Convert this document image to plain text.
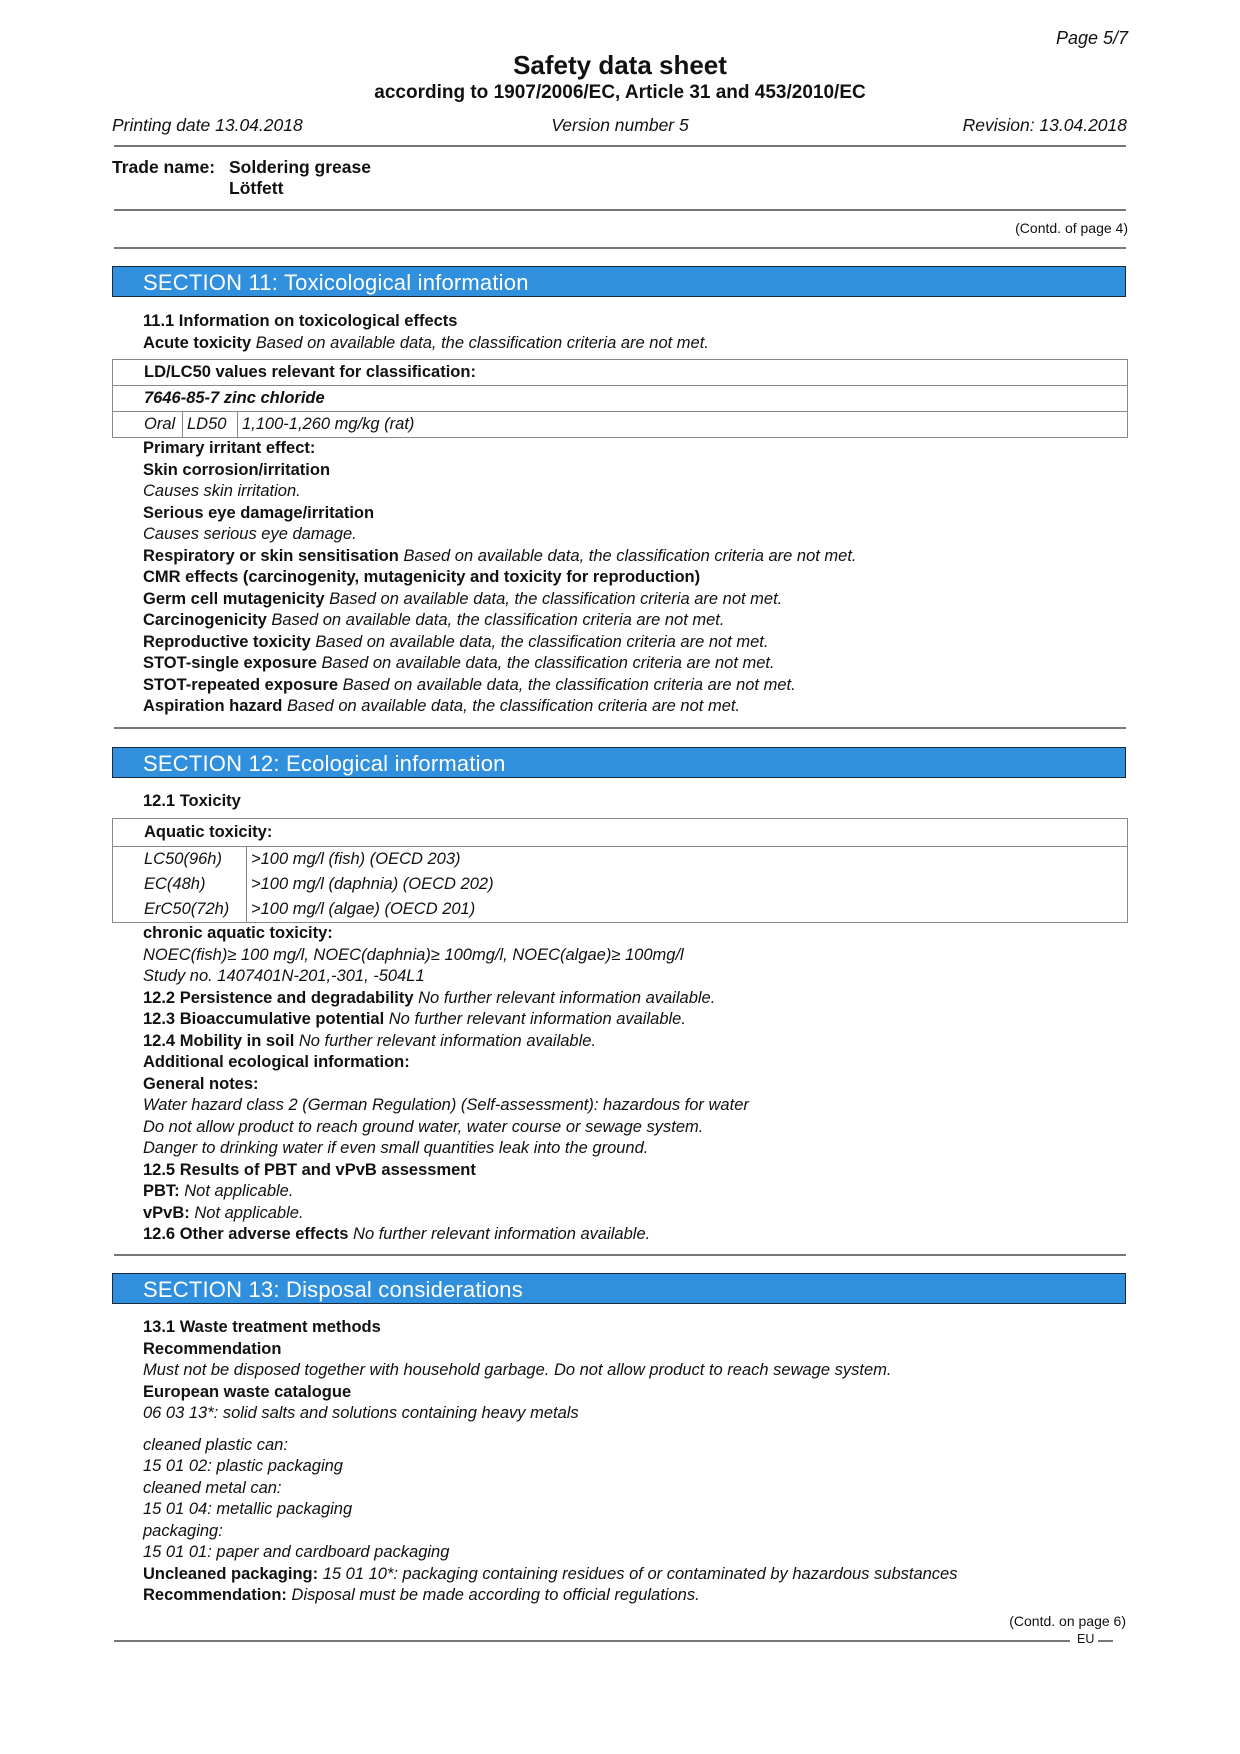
Page 5/7
Safety data sheet
according to 1907/2006/EC, Article 31 and 453/2010/EC
Printing date 13.04.2018	Version number 5	Revision: 13.04.2018
Trade name: Soldering grease
Lötfett
(Contd. of page 4)
SECTION 11: Toxicological information
11.1 Information on toxicological effects
Acute toxicity Based on available data, the classification criteria are not met.
LD/LC50 values relevant for classification:
7646-85-7 zinc chloride
Oral	LD50	1,100-1,260 mg/kg (rat)
Primary irritant effect:
Skin corrosion/irritation
Causes skin irritation.
Serious eye damage/irritation
Causes serious eye damage.
Respiratory or skin sensitisation Based on available data, the classification criteria are not met.
CMR effects (carcinogenity, mutagenicity and toxicity for reproduction)
Germ cell mutagenicity Based on available data, the classification criteria are not met.
Carcinogenicity Based on available data, the classification criteria are not met.
Reproductive toxicity Based on available data, the classification criteria are not met.
STOT-single exposure Based on available data, the classification criteria are not met.
STOT-repeated exposure Based on available data, the classification criteria are not met.
Aspiration hazard Based on available data, the classification criteria are not met.
SECTION 12: Ecological information
12.1 Toxicity
Aquatic toxicity:	
LC50(96h)	>100 mg/l (fish) (OECD 203)
EC(48h)	>100 mg/l (daphnia) (OECD 202)
ErC50(72h)	>100 mg/l (algae) (OECD 201)
chronic aquatic toxicity:
NOEC(fish)≥ 100 mg/l, NOEC(daphnia)≥ 100mg/l, NOEC(algae)≥ 100mg/l
Study no. 1407401N-201,-301, -504L1
12.2 Persistence and degradability No further relevant information available.
12.3 Bioaccumulative potential No further relevant information available.
12.4 Mobility in soil No further relevant information available.
Additional ecological information:
General notes:
Water hazard class 2 (German Regulation) (Self-assessment): hazardous for water
Do not allow product to reach ground water, water course or sewage system.
Danger to drinking water if even small quantities leak into the ground.
12.5 Results of PBT and vPvB assessment
PBT: Not applicable.
vPvB: Not applicable.
12.6 Other adverse effects No further relevant information available.
SECTION 13: Disposal considerations
13.1 Waste treatment methods
Recommendation
Must not be disposed together with household garbage. Do not allow product to reach sewage system.
European waste catalogue
06 03 13*: solid salts and solutions containing heavy metals
cleaned plastic can:
15 01 02: plastic packaging
cleaned metal can:
15 01 04: metallic packaging
packaging:
15 01 01: paper and cardboard packaging
Uncleaned packaging: 15 01 10*: packaging containing residues of or contaminated by hazardous substances
Recommendation: Disposal must be made according to official regulations.
(Contd. on page 6)
EU
